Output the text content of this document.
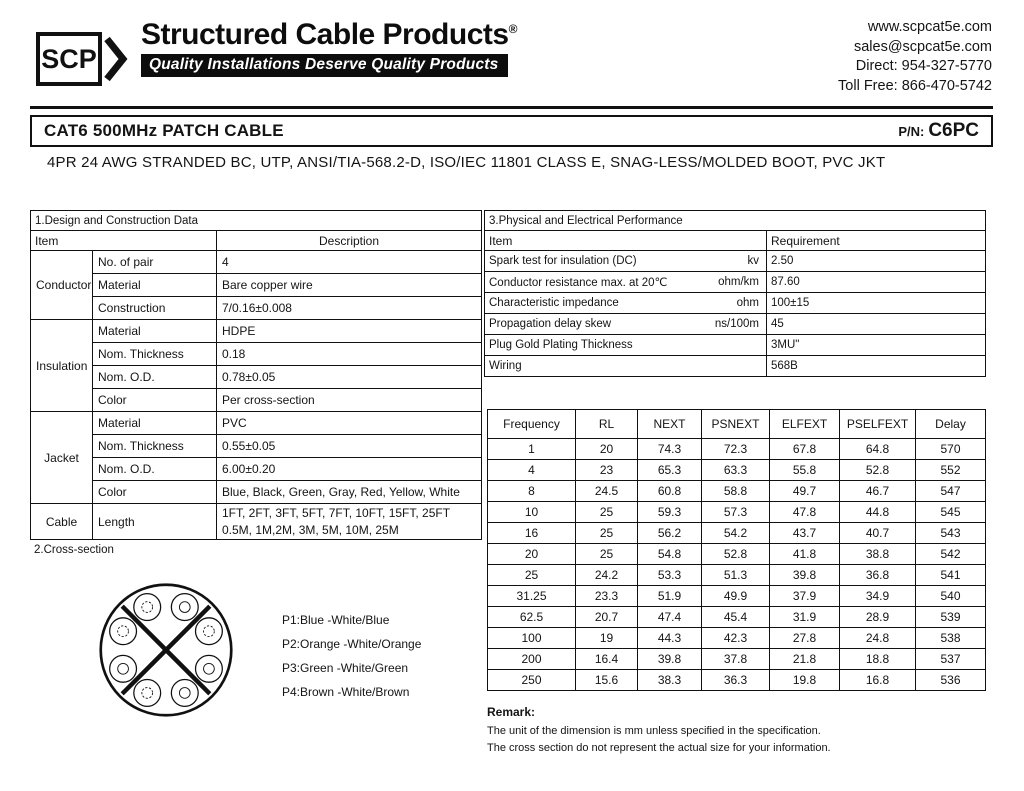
SCP
Structured Cable Products®
Quality Installations Deserve Quality Products
www.scpcat5e.com
sales@scpcat5e.com
Direct: 954-327-5770
Toll Free: 866-470-5742
CAT6 500MHz PATCH CABLE	P/N: C6PC
4PR 24 AWG STRANDED BC, UTP, ANSI/TIA-568.2-D, ISO/IEC 11801 CLASS E, SNAG-LESS/MOLDED BOOT, PVC JKT
1.Design and Construction Data		
Item		Description
Conductor	No. of pair	4

	Material	Bare copper wire

	Construction	7/0.16±0.008

Insulation	Material	HDPE

	Nom. Thickness	0.18

	Nom. O.D.	0.78±0.05

	Color	Per cross-section

Jacket	Material	PVC

	Nom. Thickness	0.55±0.05

	Nom. O.D.	6.00±0.20

	Color	Blue, Black, Green, Gray, Red, Yellow, White

Cable	Length	1FT, 2FT, 3FT, 5FT, 7FT, 10FT, 15FT, 25FT
0.5M, 1M,2M, 3M, 5M, 10M, 25M
2.Cross-section
P1:Blue -White/Blue
P2:Orange -White/Orange
P3:Green -White/Green
P4:Brown -White/Brown
3.Physical and Electrical Performance	
Item	Requirement

Spark test for insulation (DC) kv	2.50

Conductor resistance max. at 20℃ ohm/km	87.60

Characteristic impedance ohm	100±15

Propagation delay skew ns/100m	45

Plug Gold Plating Thickness	3MU"

Wiring	568B
Frequency	RL	NEXT	PSNEXT	ELFEXT	PSELFEXT	Delay
1	20	74.3	72.3	67.8	64.8	570
4	23	65.3	63.3	55.8	52.8	552
8	24.5	60.8	58.8	49.7	46.7	547
10	25	59.3	57.3	47.8	44.8	545
16	25	56.2	54.2	43.7	40.7	543
20	25	54.8	52.8	41.8	38.8	542
25	24.2	53.3	51.3	39.8	36.8	541
31.25	23.3	51.9	49.9	37.9	34.9	540
62.5	20.7	47.4	45.4	31.9	28.9	539
100	19	44.3	42.3	27.8	24.8	538
200	16.4	39.8	37.8	21.8	18.8	537
250	15.6	38.3	36.3	19.8	16.8	536
Remark:
The unit of the dimension is mm unless specified in the specification.
The cross section do not represent the actual size for your information.
